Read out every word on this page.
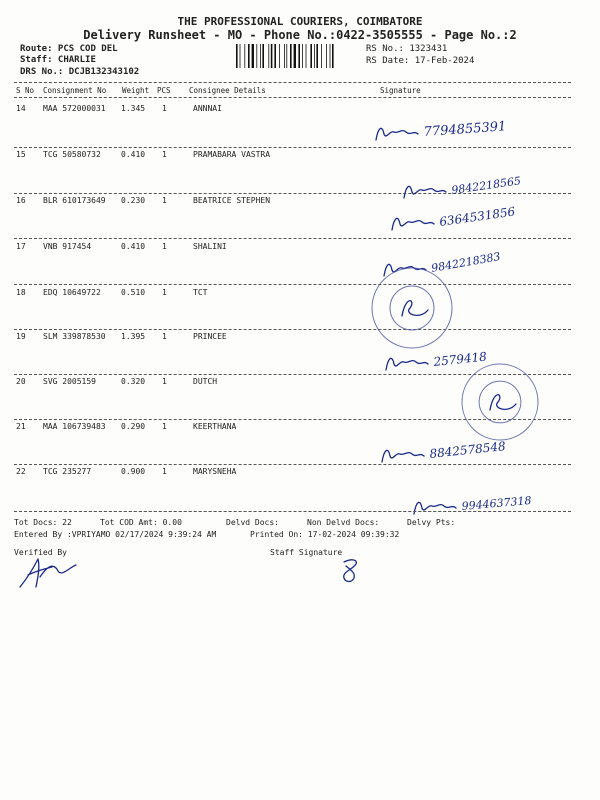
THE PROFESSIONAL COURIERS, COIMBATORE
Delivery Runsheet - MO - Phone No.:0422-3505555 - Page No.:2
Route: PCS COD DEL
Staff: CHARLIE
DRS No.: DCJB132343102
RS No.: 1323431
RS Date: 17-Feb-2024
S No Consignment No Weight PCS Consignee Details	Signature
14 MAA 572000031 1.345 1	ANNNAI
7794855391
15 TCG 50580732	0.410 1	PRAMABARA VASTRA
9842218565
16 BLR 610173649 0.230 1	BEATRICE STEPHEN
6364531856
17 VNB 917454	0.410 1	SHALINI
9842218383
18 EDQ 10649722	0.510 1	TCT
19 SLM 339878530 1.395 1	PRINCEE
2579418
20 SVG 2005159	0.320 1	DUTCH
21 MAA 106739483 0.290 1	KEERTHANA
8842578548
22 TCG 235277	0.900 1	MARYSNEHA
9944637318
Tot Docs: 22	Tot COD Amt: 0.00	Delvd Docs:	Non Delvd Docs:	Delvy Pts:
Entered By :VPRIYAMO 02/17/2024 9:39:24 AM	Printed On: 17-02-2024 09:39:32
Verified By	Staff Signature
